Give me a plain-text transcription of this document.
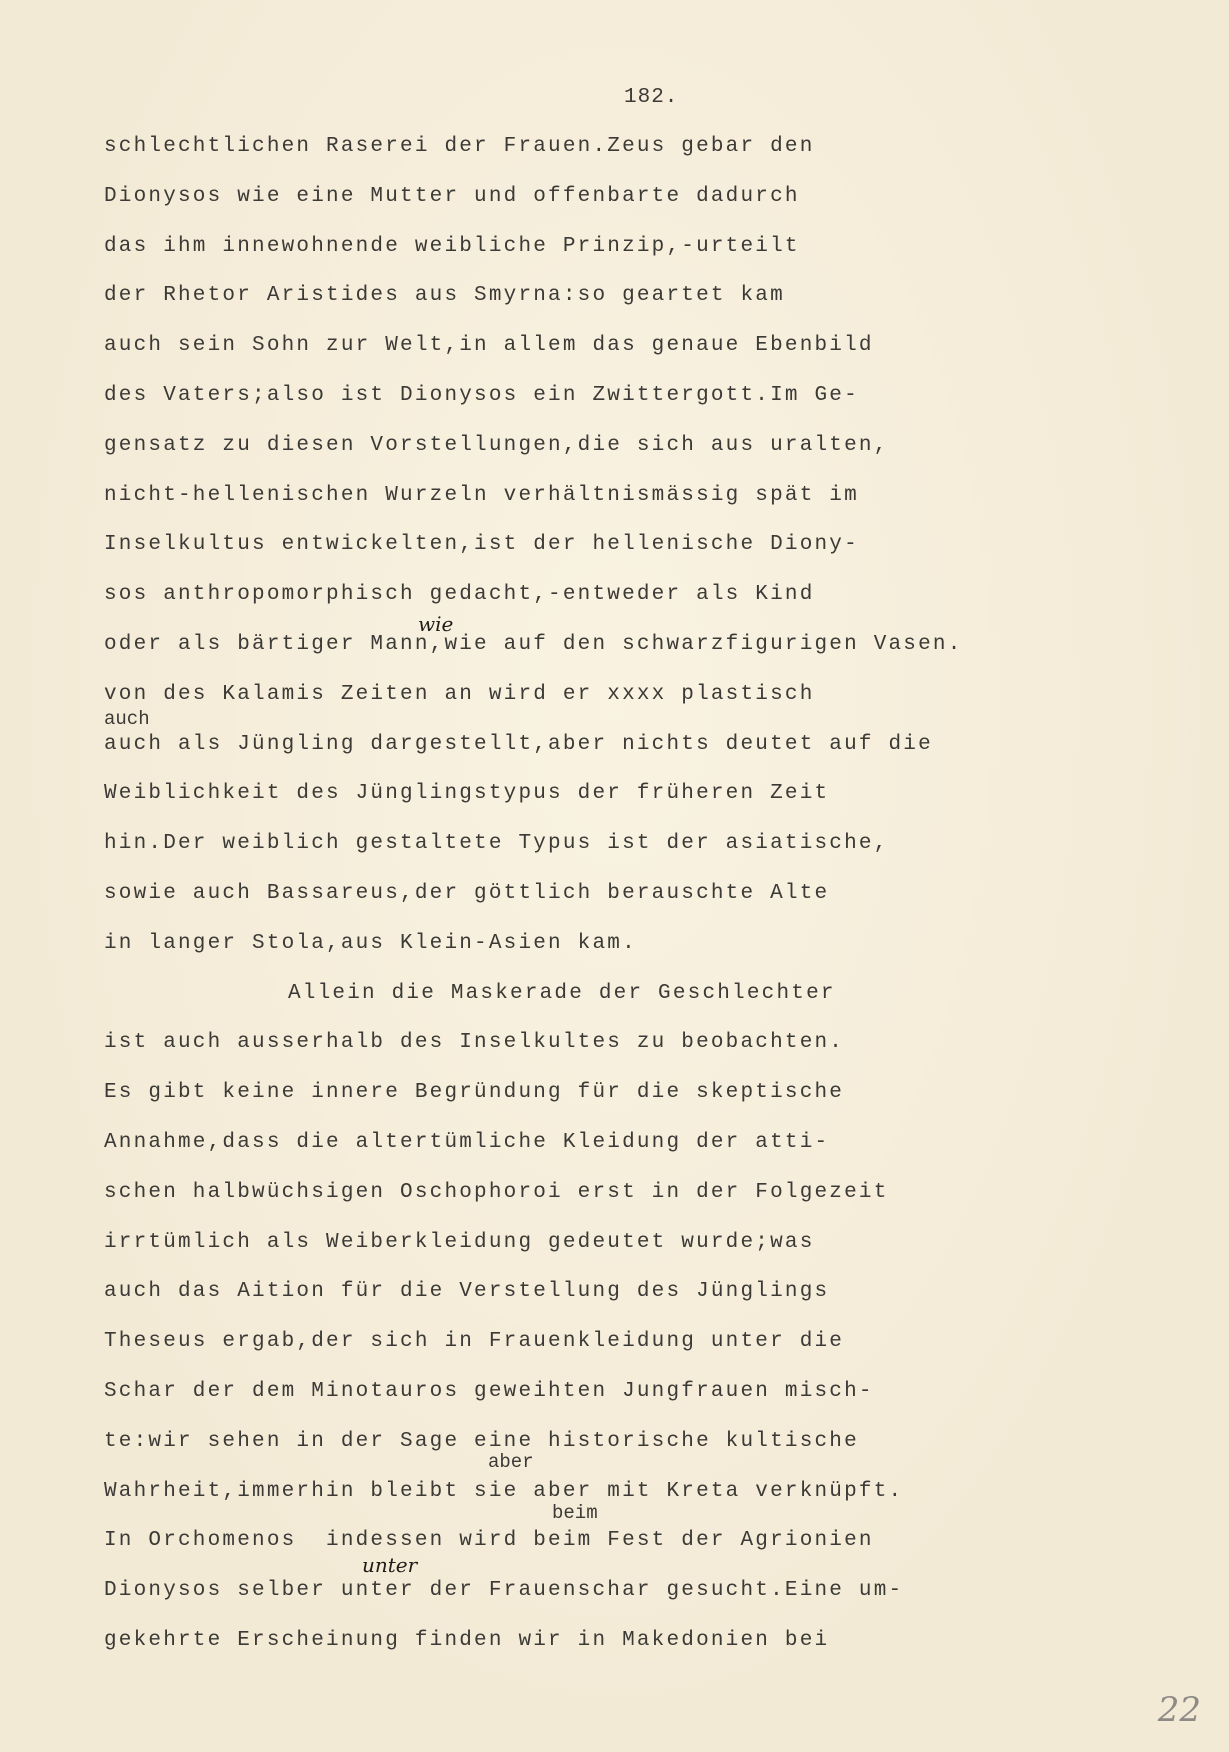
182.
schlechtlichen Raserei der Frauen.Zeus gebar den
Dionysos wie eine Mutter und offenbarte dadurch
das ihm innewohnende weibliche Prinzip,-urteilt
der Rhetor Aristides aus Smyrna:so geartet kam
auch sein Sohn zur Welt,in allem das genaue Ebenbild
des Vaters;also ist Dionysos ein Zwittergott.Im Ge-
gensatz zu diesen Vorstellungen,die sich aus uralten,
nicht-hellenischen Wurzeln verhältnismässig spät im
Inselkultus entwickelten,ist der hellenische Diony-
sos anthropomorphisch gedacht,-entweder als Kind
oder als bärtiger Mann,wie auf den schwarzfigurigen Vasen.
von des Kalamis Zeiten an wird er xxxx plastisch
auch als Jüngling dargestellt,aber nichts deutet auf die
Weiblichkeit des Jünglingstypus der früheren Zeit
hin.Der weiblich gestaltete Typus ist der asiatische,
sowie auch Bassareus,der göttlich berauschte Alte
in langer Stola,aus Klein-Asien kam.
Allein die Maskerade der Geschlechter
ist auch ausserhalb des Inselkultes zu beobachten.
Es gibt keine innere Begründung für die skeptische
Annahme,dass die altertümliche Kleidung der atti-
schen halbwüchsigen Oschophoroi erst in der Folgezeit
irrtümlich als Weiberkleidung gedeutet wurde;was
auch das Aition für die Verstellung des Jünglings
Theseus ergab,der sich in Frauenkleidung unter die
Schar der dem Minotauros geweihten Jungfrauen misch-
te:wir sehen in der Sage eine historische kultische
Wahrheit,immerhin bleibt sie aber mit Kreta verknüpft.
In Orchomenos  indessen wird beim Fest der Agrionien
Dionysos selber unter der Frauenschar gesucht.Eine um-
gekehrte Erscheinung finden wir in Makedonien bei
wie
auch
aber
beim
unter
22
